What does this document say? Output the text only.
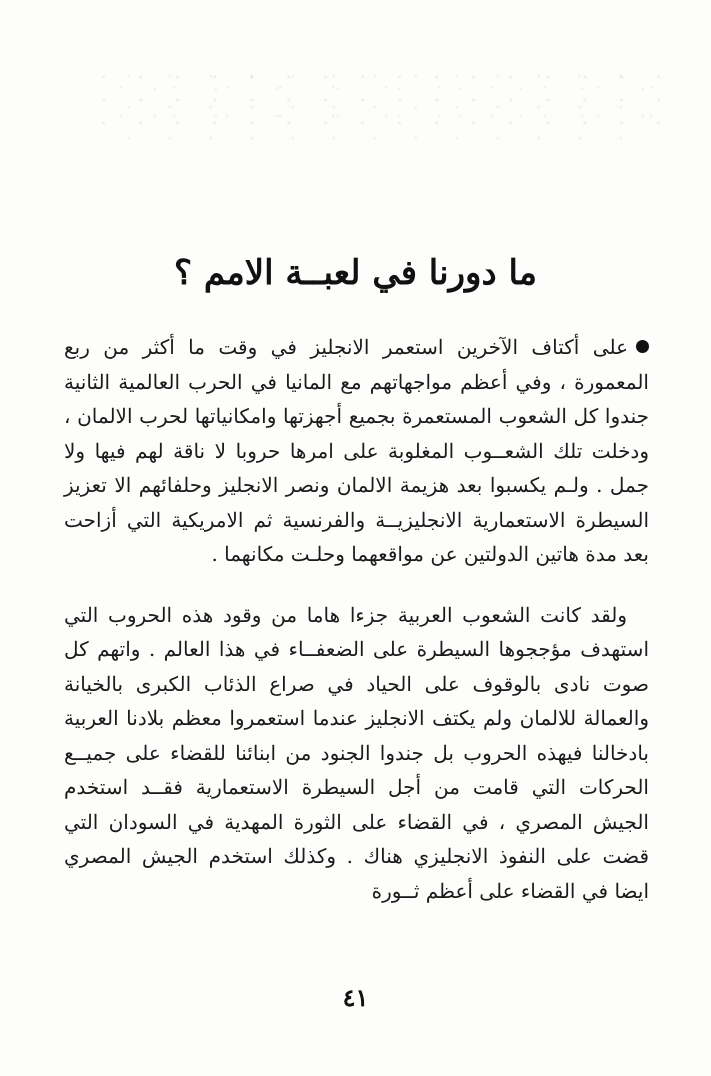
ما دورنا في لعبــة الامم ؟

على أكتاف الآخرين استعمر الانجليز في وقت ما أكثر من ربع المعمورة ، وفي أعظم مواجهاتهم مع المانيا في الحرب العالمية الثانية جندوا كل الشعوب المستعمرة بجميع أجهزتها وامكانياتها لحرب الالمان ، ودخلت تلك الشعــوب المغلوبة على امرها حروبا لا ناقة لهم فيها ولا جمل . ولـم يكسبوا بعد هزيمة الالمان ونصر الانجليز وحلفائهم الا تعزيز السيطرة الاستعمارية الانجليزيــة والفرنسية ثم الامريكية التي أزاحت بعد مدة هاتين الدولتين عن مواقعهما وحلـت مكانهما .

ولقد كانت الشعوب العربية جزءا هاما من وقود هذه الحروب التي استهدف مؤججوها السيطرة على الضعفــاء في هذا العالم . واتهم كل صوت نادى بالوقوف على الحياد في صراع الذئاب الكبرى بالخيانة والعمالة للالمان ولم يكتف الانجليز عندما استعمروا معظم بلادنا العربية بادخالنا فيهذه الحروب بل جندوا الجنود من ابنائنا للقضاء على جميــع الحركات التي قامت من أجل السيطرة الاستعمارية فقــد استخدم الجيش المصري ، في القضاء على الثورة المهدية في السودان التي قضت على النفوذ الانجليزي هناك . وكذلك استخدم الجيش المصري ايضا في القضاء على أعظم ثــورة

٤١
